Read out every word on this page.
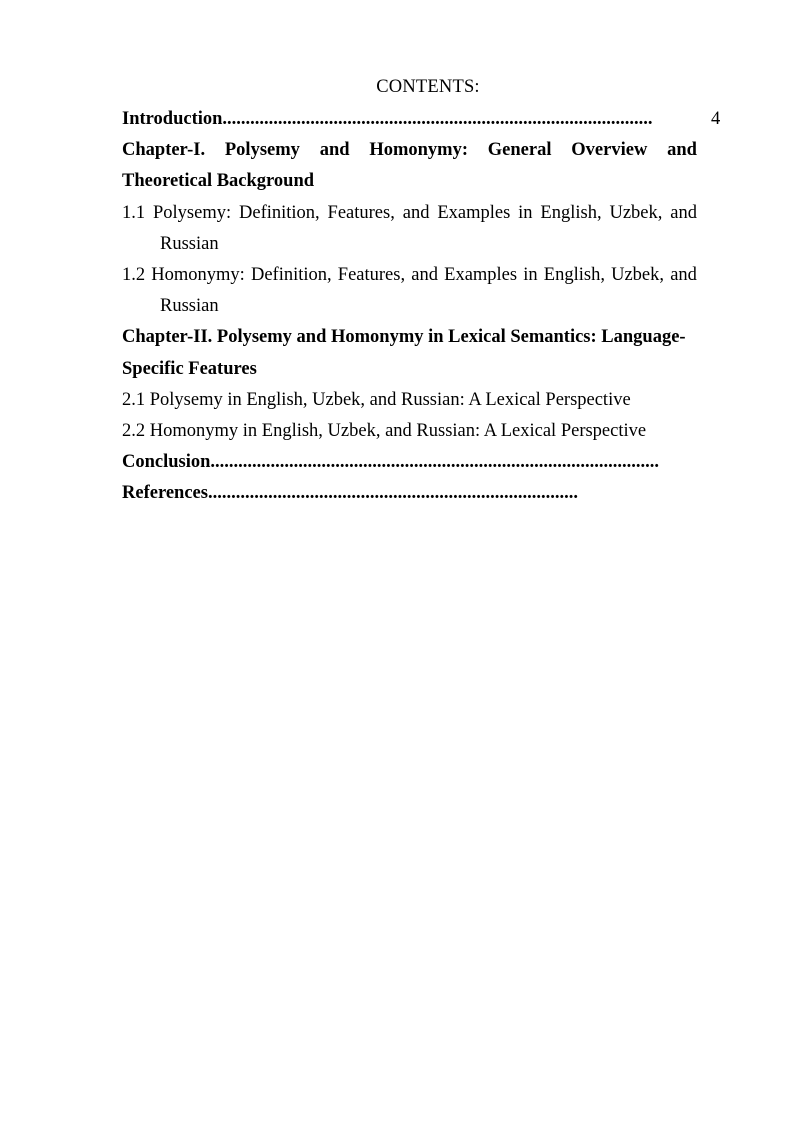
CONTENTS:
Introduction.............................................................................................	4
Chapter-I. Polysemy and Homonymy: General Overview and
Theoretical Background
1.1 Polysemy: Definition, Features, and Examples in English, Uzbek, and
Russian
1.2 Homonymy: Definition, Features, and Examples in English, Uzbek, and
Russian
Chapter-II. Polysemy and Homonymy in Lexical Semantics: Language-
Specific Features
2.1 Polysemy in English, Uzbek, and Russian: A Lexical Perspective
2.2 Homonymy in English, Uzbek, and Russian: A Lexical Perspective
Conclusion.................................................................................................
References................................................................................
